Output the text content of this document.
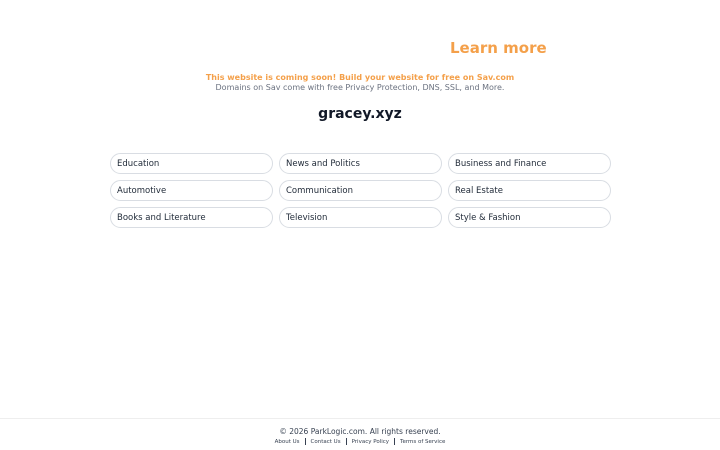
Learn more
This website is coming soon! Build your website for free on Sav.com
Domains on Sav come with free Privacy Protection, DNS, SSL, and More.
gracey.xyz
Education	News and Politics	Business and Finance
Automotive	Communication	Real Estate
Books and Literature	Television	Style & Fashion
© 2026 ParkLogic.com. All rights reserved.
About Us Contact Us Privacy Policy Terms of Service
